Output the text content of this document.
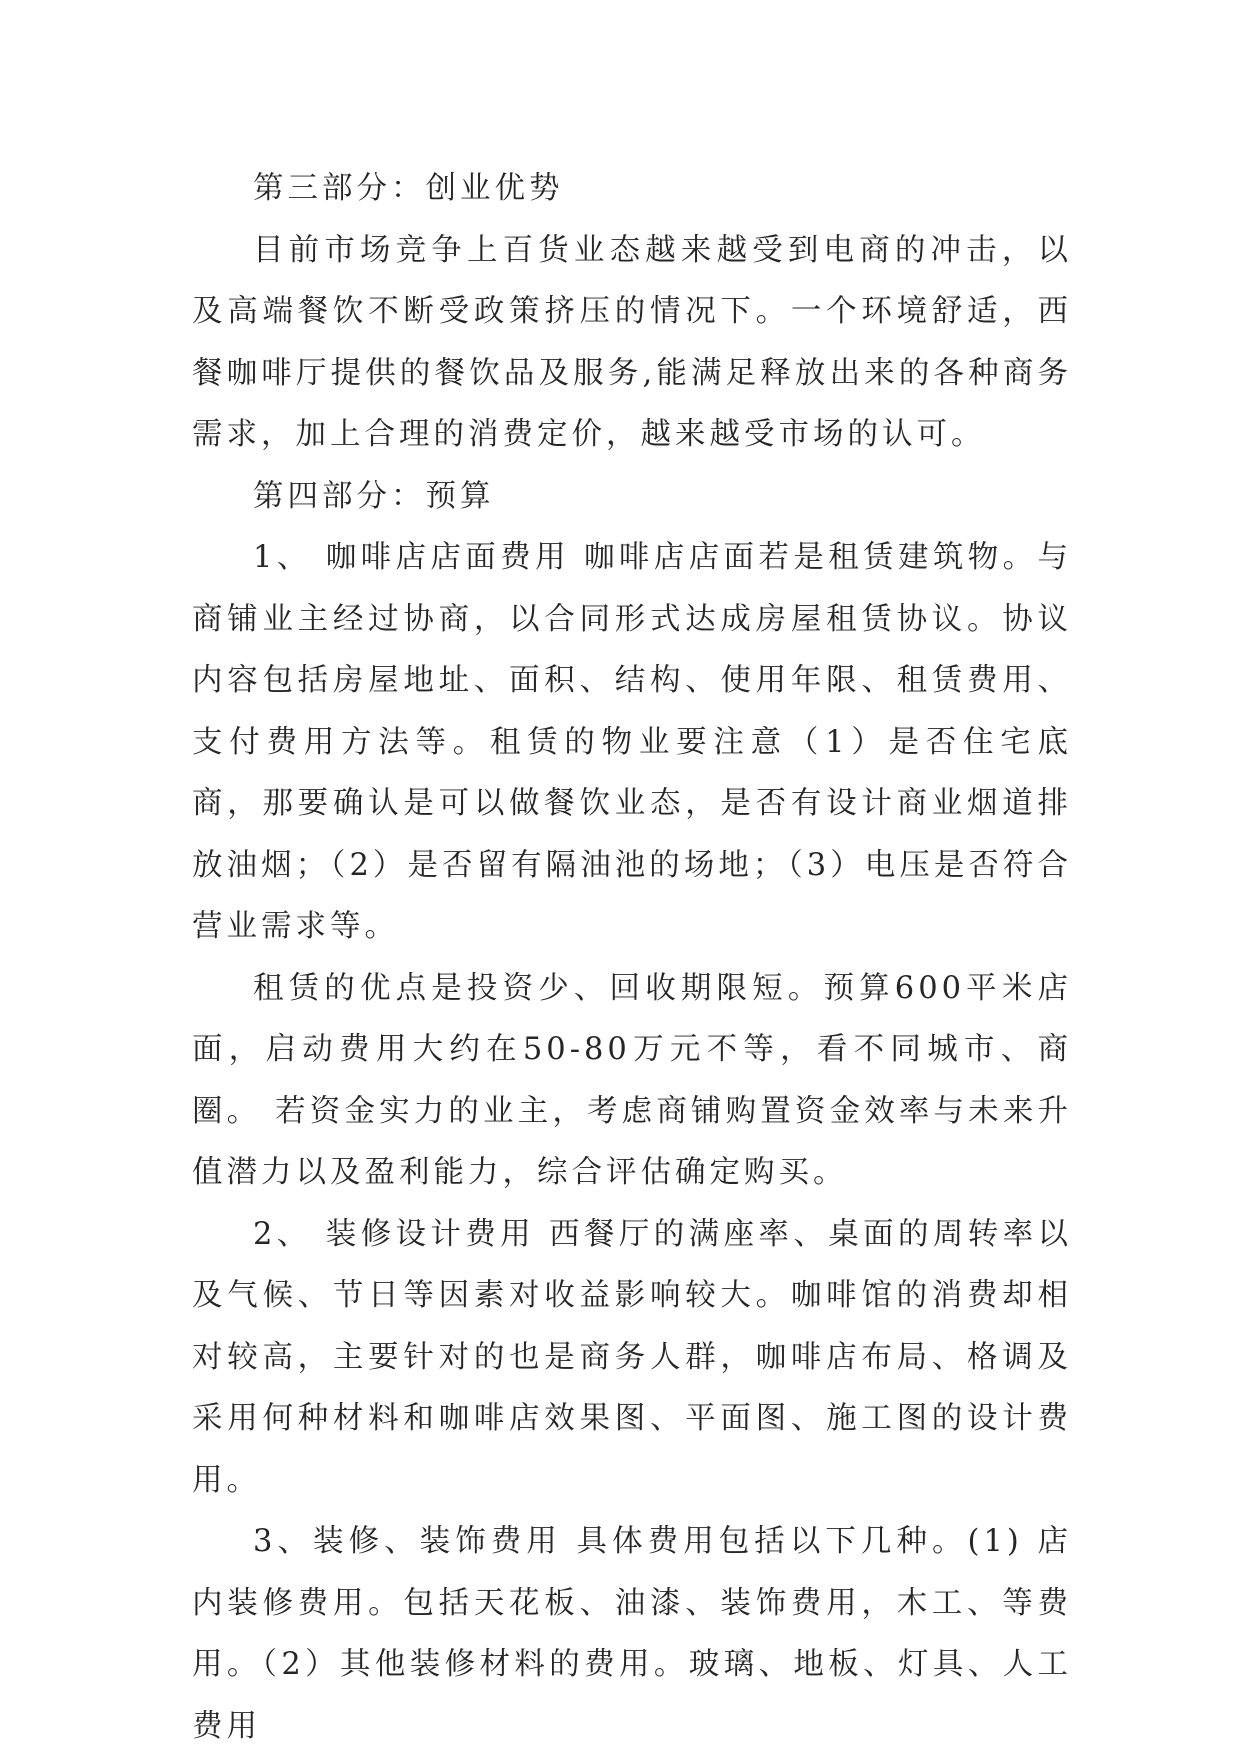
第三部分：创业优势

目前市场竞争上百货业态越来越受到电商的冲击，以及高端餐饮不断受政策挤压的情况下。一个环境舒适，西餐咖啡厅提供的餐饮品及服务,能满足释放出来的各种商务需求，加上合理的消费定价，越来越受市场的认可。

第四部分：预算

1、 咖啡店店面费用 咖啡店店面若是租赁建筑物。与商铺业主经过协商，以合同形式达成房屋租赁协议。协议内容包括房屋地址、面积、结构、使用年限、租赁费用、支付费用方法等。租赁的物业要注意（1）是否住宅底商，那要确认是可以做餐饮业态，是否有设计商业烟道排放油烟；（2）是否留有隔油池的场地；（3）电压是否符合营业需求等。

租赁的优点是投资少、回收期限短。预算600平米店面，启动费用大约在50-80万元不等，看不同城市、商圈。 若资金实力的业主，考虑商铺购置资金效率与未来升值潜力以及盈利能力，综合评估确定购买。

2、 装修设计费用 西餐厅的满座率、桌面的周转率以及气候、节日等因素对收益影响较大。咖啡馆的消费却相对较高，主要针对的也是商务人群，咖啡店布局、格调及采用何种材料和咖啡店效果图、平面图、施工图的设计费用。

3、装修、装饰费用 具体费用包括以下几种。(1) 店内装修费用。包括天花板、油漆、装饰费用，木工、等费用。（2）其他装修材料的费用。玻璃、地板、灯具、人工费用
